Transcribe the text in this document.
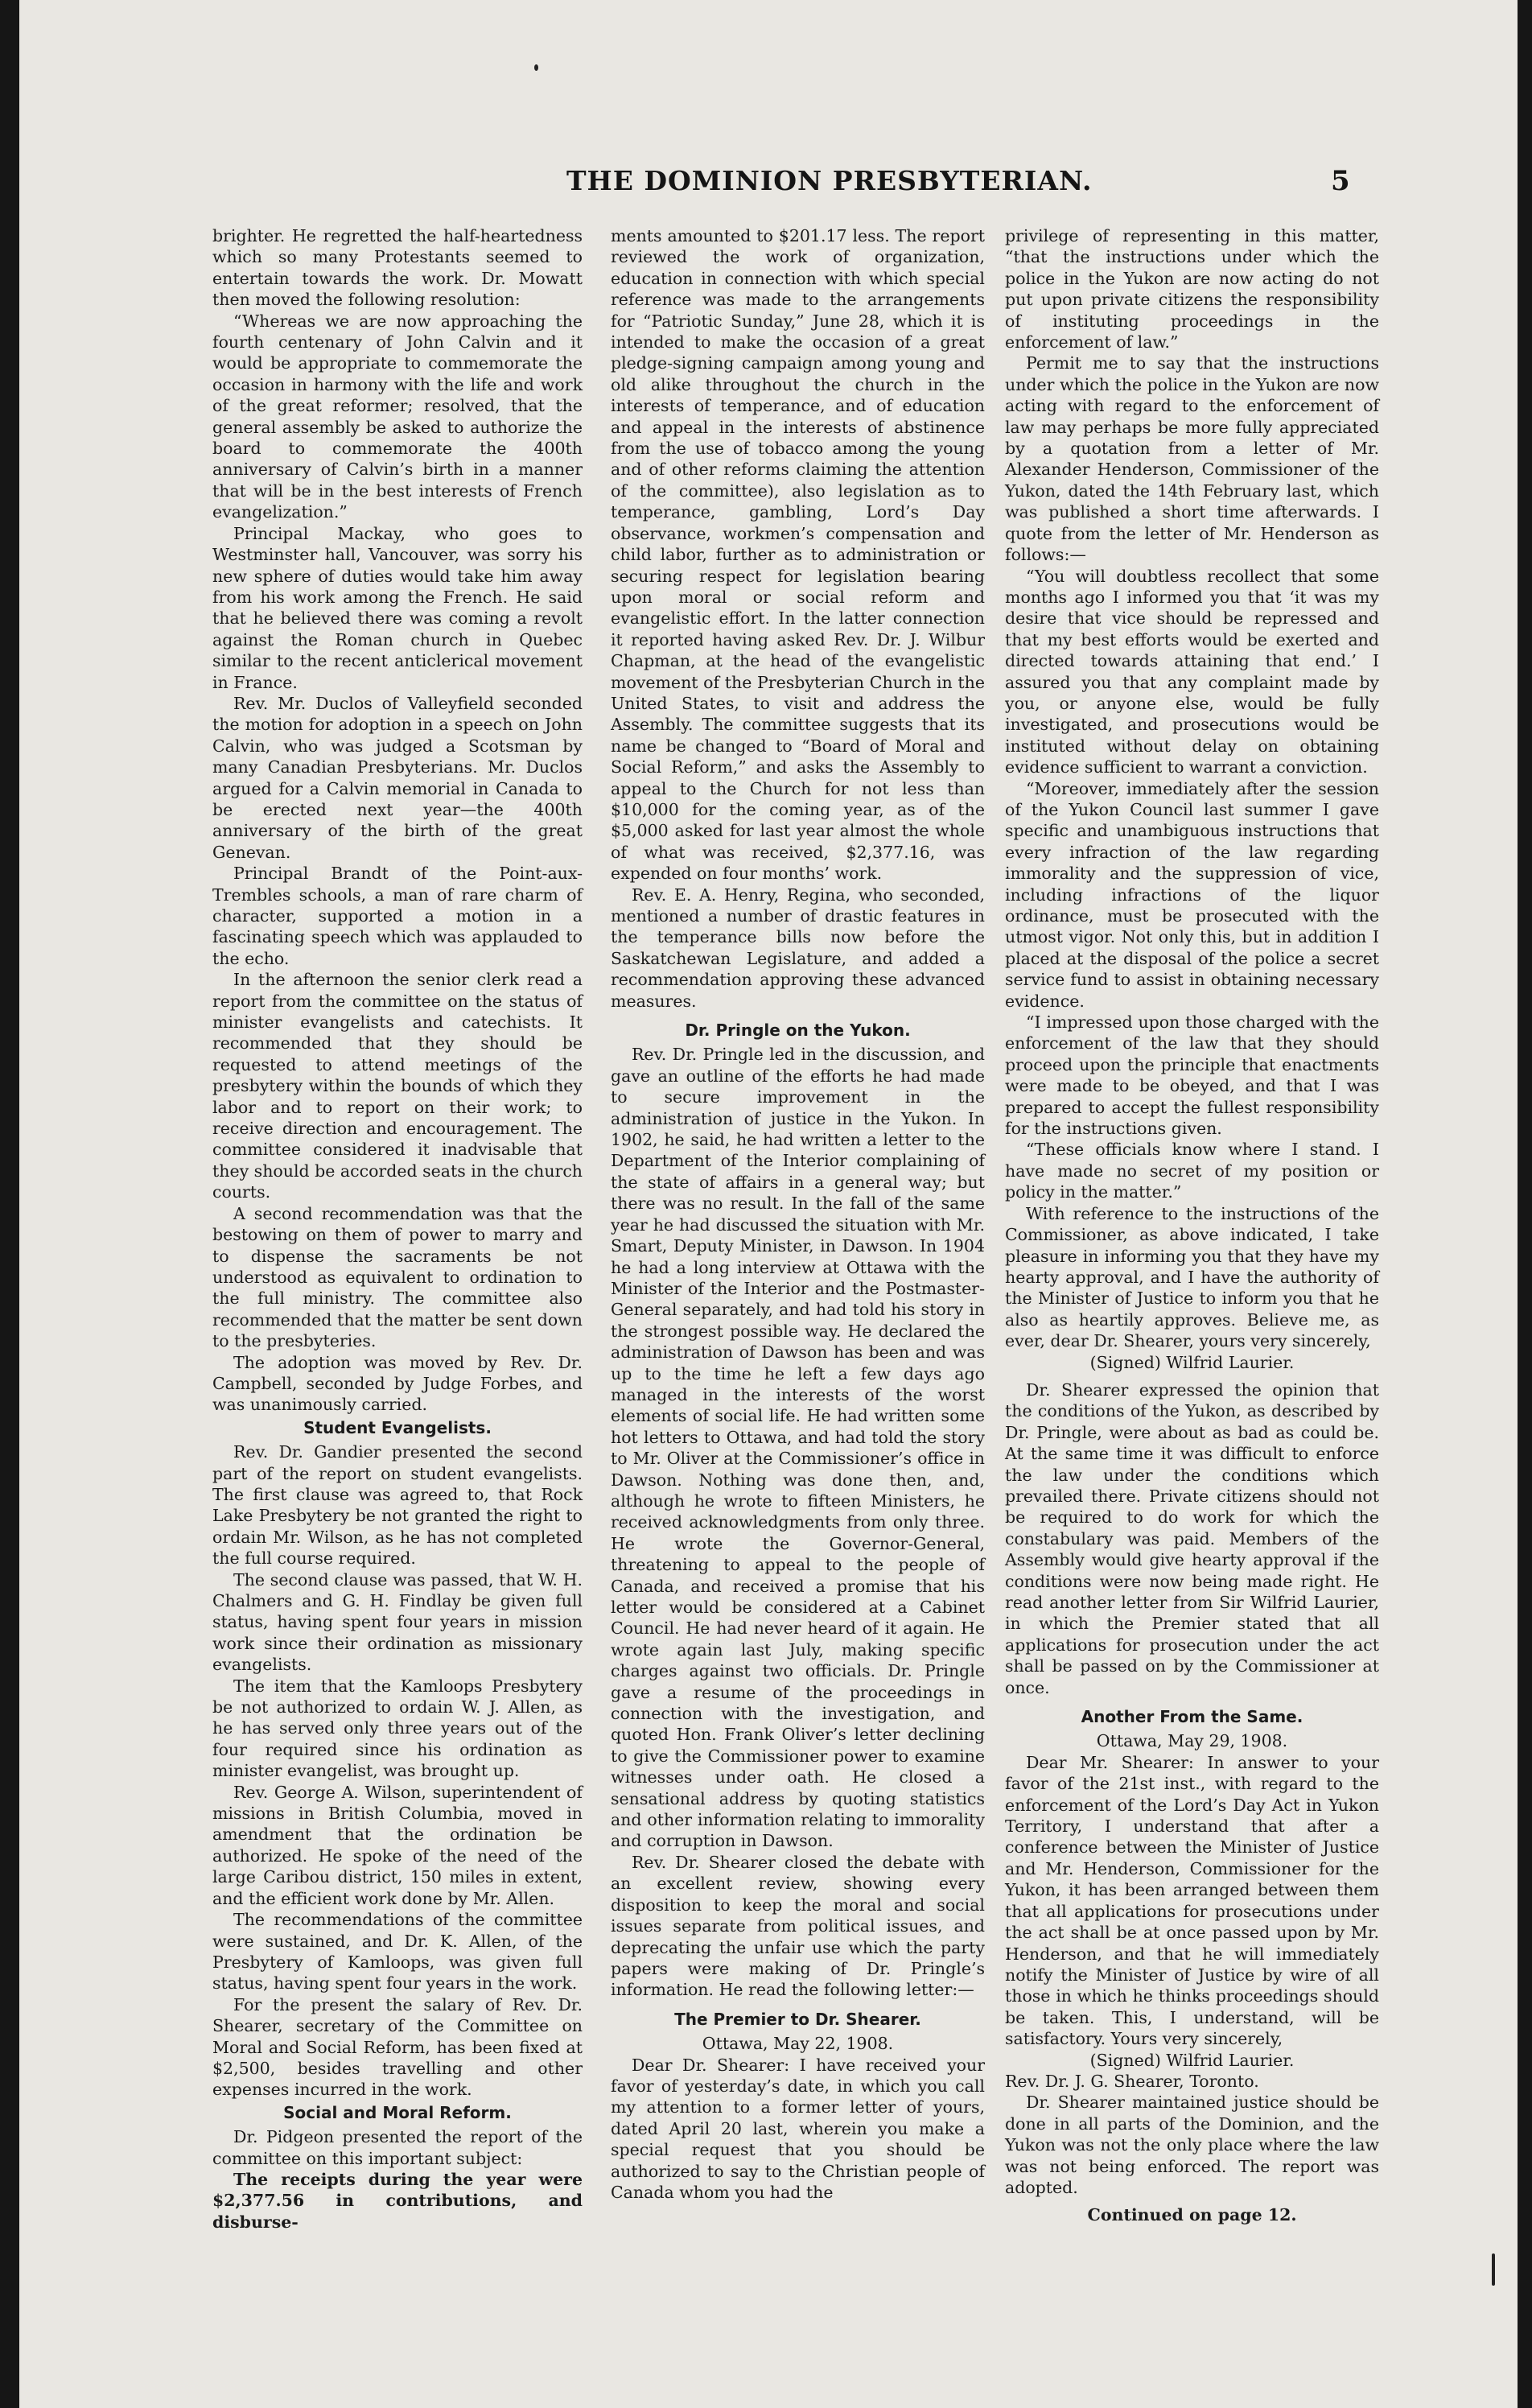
THE DOMINION PRESBYTERIAN.	5

brighter. He regretted the half-heartedness which so many Protestants seemed to entertain towards the work. Dr. Mowatt then moved the following resolution:

“Whereas we are now approaching the fourth centenary of John Calvin and it would be appropriate to commemorate the occasion in harmony with the life and work of the great reformer; resolved, that the general assembly be asked to authorize the board to commemorate the 400th anniversary of Calvin’s birth in a manner that will be in the best interests of French evangelization.”

Principal Mackay, who goes to Westminster hall, Vancouver, was sorry his new sphere of duties would take him away from his work among the French. He said that he believed there was coming a revolt against the Roman church in Quebec similar to the recent anticlerical movement in France.

Rev. Mr. Duclos of Valleyfield seconded the motion for adoption in a speech on John Calvin, who was judged a Scotsman by many Canadian Presbyterians. Mr. Duclos argued for a Calvin memorial in Canada to be erected next year—the 400th anniversary of the birth of the great Genevan.

Principal Brandt of the Point-aux-Trembles schools, a man of rare charm of character, supported a motion in a fascinating speech which was applauded to the echo.

In the afternoon the senior clerk read a report from the committee on the status of minister evangelists and catechists. It recommended that they should be requested to attend meetings of the presbytery within the bounds of which they labor and to report on their work; to receive direction and encouragement. The committee considered it inadvisable that they should be accorded seats in the church courts.

A second recommendation was that the bestowing on them of power to marry and to dispense the sacraments be not understood as equivalent to ordination to the full ministry. The committee also recommended that the matter be sent down to the presbyteries.

The adoption was moved by Rev. Dr. Campbell, seconded by Judge Forbes, and was unanimously carried.

Student Evangelists.

Rev. Dr. Gandier presented the second part of the report on student evangelists. The first clause was agreed to, that Rock Lake Presbytery be not granted the right to ordain Mr. Wilson, as he has not completed the full course required.

The second clause was passed, that W. H. Chalmers and G. H. Findlay be given full status, having spent four years in mission work since their ordination as missionary evangelists.

The item that the Kamloops Presbytery be not authorized to ordain W. J. Allen, as he has served only three years out of the four required since his ordination as minister evangelist, was brought up.

Rev. George A. Wilson, superintendent of missions in British Columbia, moved in amendment that the ordination be authorized. He spoke of the need of the large Caribou district, 150 miles in extent, and the efficient work done by Mr. Allen.

The recommendations of the committee were sustained, and Dr. K. Allen, of the Presbytery of Kamloops, was given full status, having spent four years in the work.

For the present the salary of Rev. Dr. Shearer, secretary of the Committee on Moral and Social Reform, has been fixed at $2,500, besides travelling and other expenses incurred in the work.

Social and Moral Reform.

Dr. Pidgeon presented the report of the committee on this important subject:

The receipts during the year were $2,377.56 in contributions, and disburse-

ments amounted to $201.17 less. The report reviewed the work of organization, education in connection with which special reference was made to the arrangements for “Patriotic Sunday,” June 28, which it is intended to make the occasion of a great pledge-signing campaign among young and old alike throughout the church in the interests of temperance, and of education and appeal in the interests of abstinence from the use of tobacco among the young and of other reforms claiming the attention of the committee), also legislation as to temperance, gambling, Lord’s Day observance, workmen’s compensation and child labor, further as to administration or securing respect for legislation bearing upon moral or social reform and evangelistic effort. In the latter connection it reported having asked Rev. Dr. J. Wilbur Chapman, at the head of the evangelistic movement of the Presbyterian Church in the United States, to visit and address the Assembly. The committee suggests that its name be changed to “Board of Moral and Social Reform,” and asks the Assembly to appeal to the Church for not less than $10,000 for the coming year, as of the $5,000 asked for last year almost the whole of what was received, $2,377.16, was expended on four months’ work.

Rev. E. A. Henry, Regina, who seconded, mentioned a number of drastic features in the temperance bills now before the Saskatchewan Legislature, and added a recommendation approving these advanced measures.

Dr. Pringle on the Yukon.

Rev. Dr. Pringle led in the discussion, and gave an outline of the efforts he had made to secure improvement in the administration of justice in the Yukon. In 1902, he said, he had written a letter to the Department of the Interior complaining of the state of affairs in a general way; but there was no result. In the fall of the same year he had discussed the situation with Mr. Smart, Deputy Minister, in Dawson. In 1904 he had a long interview at Ottawa with the Minister of the Interior and the Postmaster-General separately, and had told his story in the strongest possible way. He declared the administration of Dawson has been and was up to the time he left a few days ago managed in the interests of the worst elements of social life. He had written some hot letters to Ottawa, and had told the story to Mr. Oliver at the Commissioner’s office in Dawson. Nothing was done then, and, although he wrote to fifteen Ministers, he received acknowledgments from only three. He wrote the Governor-General, threatening to appeal to the people of Canada, and received a promise that his letter would be considered at a Cabinet Council. He had never heard of it again. He wrote again last July, making specific charges against two officials. Dr. Pringle gave a resume of the proceedings in connection with the investigation, and quoted Hon. Frank Oliver’s letter declining to give the Commissioner power to examine witnesses under oath. He closed a sensational address by quoting statistics and other information relating to immorality and corruption in Dawson.

Rev. Dr. Shearer closed the debate with an excellent review, showing every disposition to keep the moral and social issues separate from political issues, and deprecating the unfair use which the party papers were making of Dr. Pringle’s information. He read the following letter:—

The Premier to Dr. Shearer.

Ottawa, May 22, 1908.

Dear Dr. Shearer: I have received your favor of yesterday’s date, in which you call my attention to a former letter of yours, dated April 20 last, wherein you make a special request that you should be authorized to say to the Christian people of Canada whom you had the

privilege of representing in this matter, “that the instructions under which the police in the Yukon are now acting do not put upon private citizens the responsibility of instituting proceedings in the enforcement of law.”

Permit me to say that the instructions under which the police in the Yukon are now acting with regard to the enforcement of law may perhaps be more fully appreciated by a quotation from a letter of Mr. Alexander Henderson, Commissioner of the Yukon, dated the 14th February last, which was published a short time afterwards. I quote from the letter of Mr. Henderson as follows:—

“You will doubtless recollect that some months ago I informed you that ‘it was my desire that vice should be repressed and that my best efforts would be exerted and directed towards attaining that end.’ I assured you that any complaint made by you, or anyone else, would be fully investigated, and prosecutions would be instituted without delay on obtaining evidence sufficient to warrant a conviction.

“Moreover, immediately after the session of the Yukon Council last summer I gave specific and unambiguous instructions that every infraction of the law regarding immorality and the suppression of vice, including infractions of the liquor ordinance, must be prosecuted with the utmost vigor. Not only this, but in addition I placed at the disposal of the police a secret service fund to assist in obtaining necessary evidence.

“I impressed upon those charged with the enforcement of the law that they should proceed upon the principle that enactments were made to be obeyed, and that I was prepared to accept the fullest responsibility for the instructions given.

“These officials know where I stand. I have made no secret of my position or policy in the matter.”

With reference to the instructions of the Commissioner, as above indicated, I take pleasure in informing you that they have my hearty approval, and I have the authority of the Minister of Justice to inform you that he also as heartily approves. Believe me, as ever, dear Dr. Shearer, yours very sincerely,

(Signed) Wilfrid Laurier.

Dr. Shearer expressed the opinion that the conditions of the Yukon, as described by Dr. Pringle, were about as bad as could be. At the same time it was difficult to enforce the law under the conditions which prevailed there. Private citizens should not be required to do work for which the constabulary was paid. Members of the Assembly would give hearty approval if the conditions were now being made right. He read another letter from Sir Wilfrid Laurier, in which the Premier stated that all applications for prosecution under the act shall be passed on by the Commissioner at once.

Another From the Same.

Ottawa, May 29, 1908.

Dear Mr. Shearer: In answer to your favor of the 21st inst., with regard to the enforcement of the Lord’s Day Act in Yukon Territory, I understand that after a conference between the Minister of Justice and Mr. Henderson, Commissioner for the Yukon, it has been arranged between them that all applications for prosecutions under the act shall be at once passed upon by Mr. Henderson, and that he will immediately notify the Minister of Justice by wire of all those in which he thinks proceedings should be taken. This, I understand, will be satisfactory. Yours very sincerely,

(Signed) Wilfrid Laurier.

Rev. Dr. J. G. Shearer, Toronto.

Dr. Shearer maintained justice should be done in all parts of the Dominion, and the Yukon was not the only place where the law was not being enforced. The report was adopted.

Continued on page 12.
